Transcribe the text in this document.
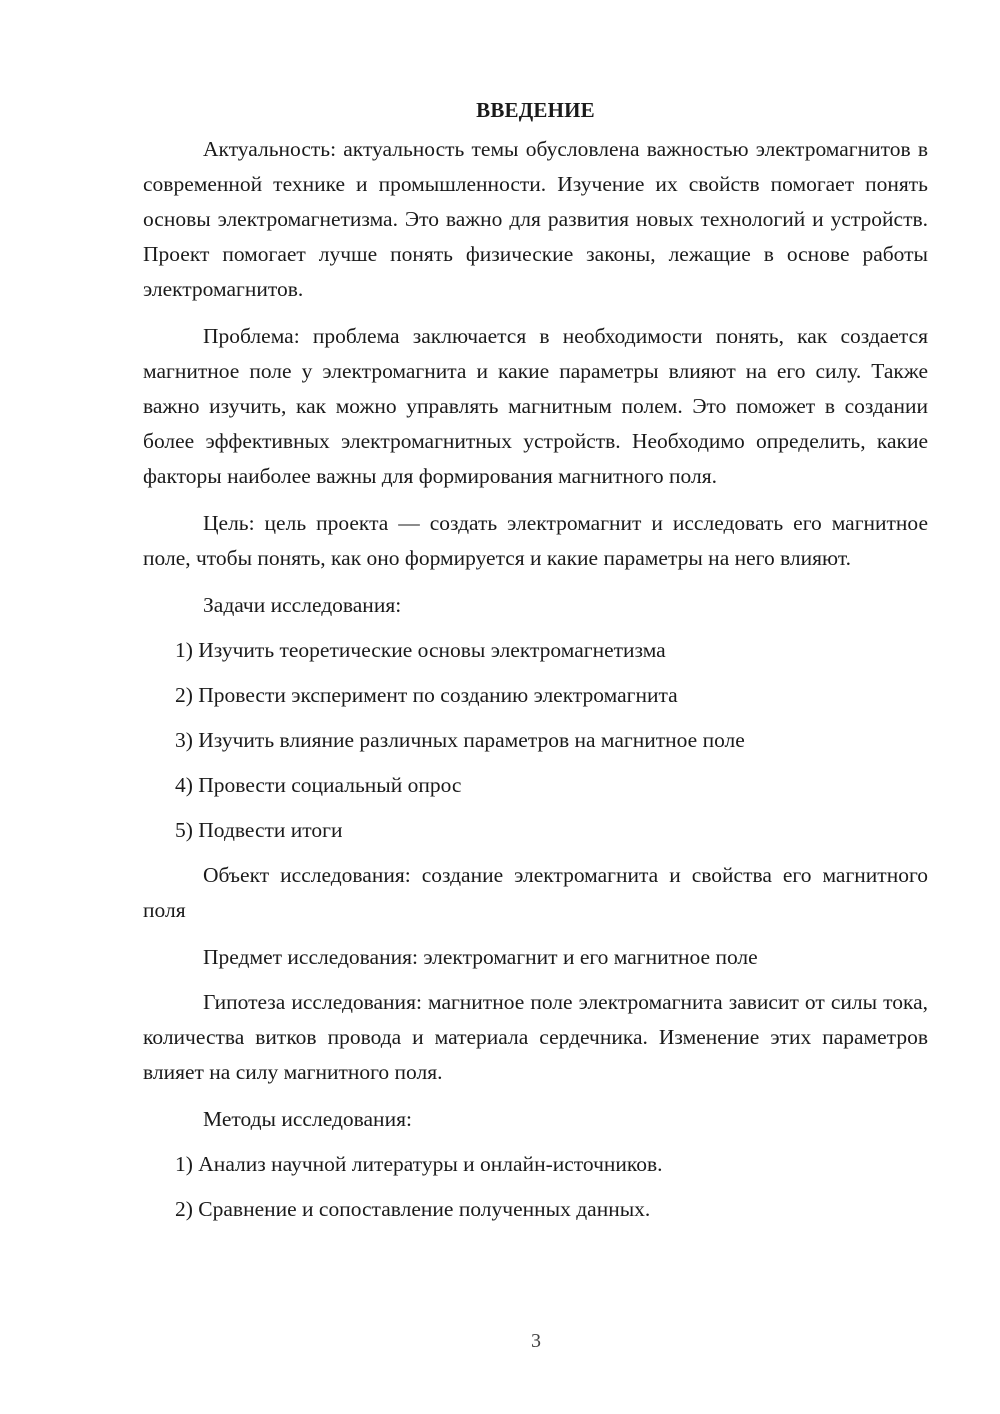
ВВЕДЕНИЕ

Актуальность: актуальность темы обусловлена важностью электромагнитов в современной технике и промышленности. Изучение их свойств помогает понять основы электромагнетизма. Это важно для развития новых технологий и устройств. Проект помогает лучше понять физические законы, лежащие в основе работы электромагнитов.

Проблема: проблема заключается в необходимости понять, как создается магнитное поле у электромагнита и какие параметры влияют на его силу. Также важно изучить, как можно управлять магнитным полем. Это поможет в создании более эффективных электромагнитных устройств. Необходимо определить, какие факторы наиболее важны для формирования магнитного поля.

Цель: цель проекта — создать электромагнит и исследовать его магнитное поле, чтобы понять, как оно формируется и какие параметры на него влияют.

Задачи исследования:

1) Изучить теоретические основы электромагнетизма

2) Провести эксперимент по созданию электромагнита

3) Изучить влияние различных параметров на магнитное поле

4) Провести социальный опрос

5) Подвести итоги

Объект исследования: создание электромагнита и свойства его магнитного поля

Предмет исследования: электромагнит и его магнитное поле

Гипотеза исследования: магнитное поле электромагнита зависит от силы тока, количества витков провода и материала сердечника. Изменение этих параметров влияет на силу магнитного поля.

Методы исследования:

1) Анализ научной литературы и онлайн-источников.

2) Сравнение и сопоставление полученных данных.

3
